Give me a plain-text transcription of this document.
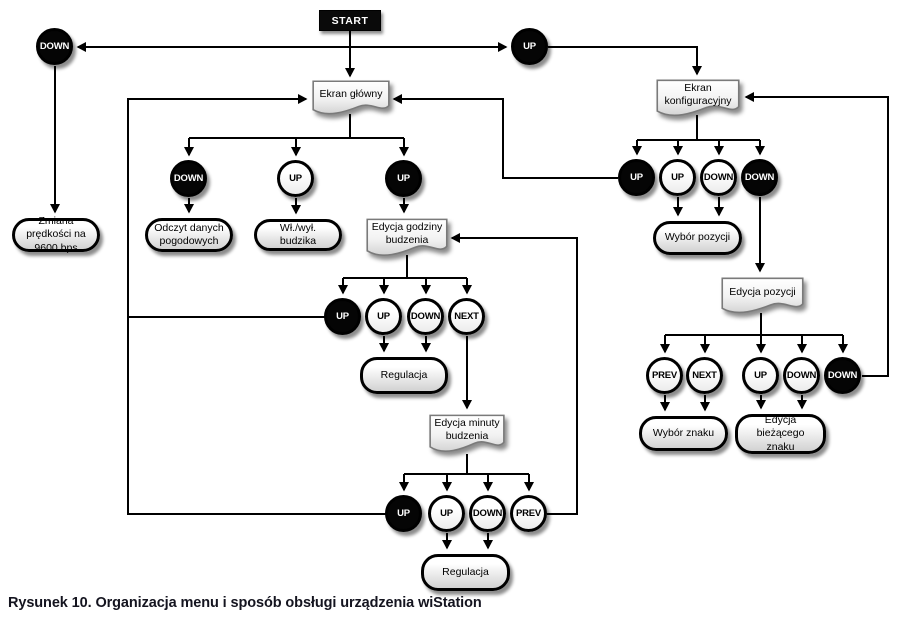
START
DOWN	UP
Ekran główny
Ekran konfiguracyjny
Zmiana prędkości na 9600 bps
DOWN	UP	UP
Odczyt danych pogodowych
Wł./wył. budzika
Edycja godziny budzenia
UP	UP DOWN NEXT
Regulacja
Edycja minuty budzenia
UP	UP DOWN PREV
Regulacja
UP	UP DOWN DOWN
Wybór pozycji
Edycja pozycji
PREV NEXT	UP DOWN DOWN
Wybór znaku
Edycja bieżącego znaku
Rysunek 10. Organizacja menu i sposób obsługi urządzenia wiStation
